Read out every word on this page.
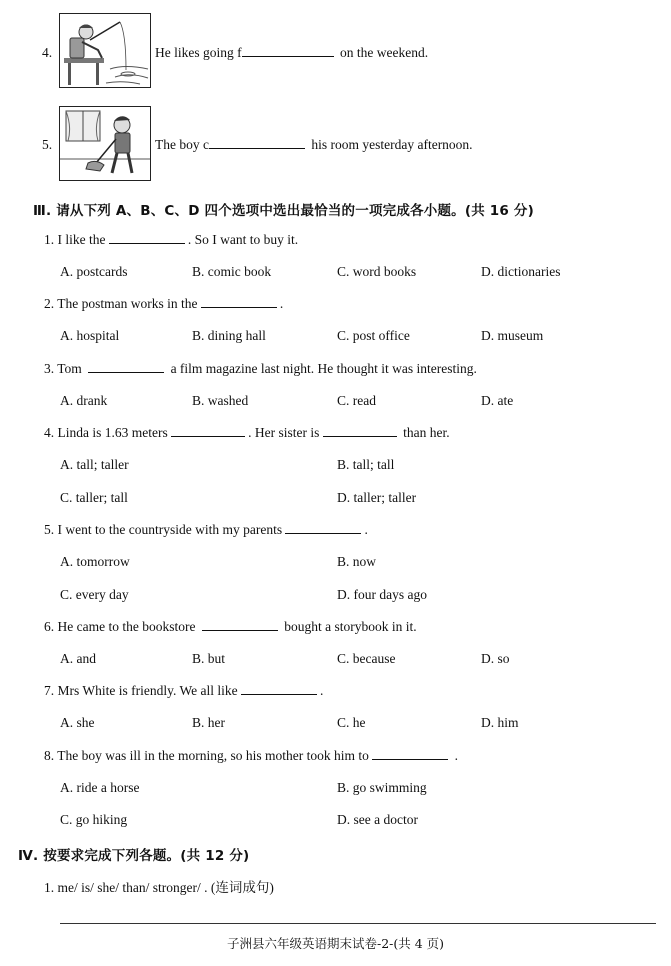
4.	He likes going f	on the weekend.
5.	The boy c	his room yesterday afternoon.
Ⅲ. 请从下列 A、B、C、D 四个选项中选出最恰当的一项完成各小题。(共 16 分)
1. I like the	. So I want to buy it.
A. postcards	B. comic book	C. word books	D. dictionaries
2. The postman works in the	.
A. hospital	B. dining hall	C. post office	D. museum
3. Tom	a film magazine last night. He thought it was interesting.
A. drank	B. washed	C. read	D. ate
4. Linda is 1.63 meters	. Her sister is	than her.
A. tall; taller	B. tall; tall
C. taller; tall	D. taller; taller
5. I went to the countryside with my parents	.
A. tomorrow	B. now
C. every day	D. four days ago
6. He came to the bookstore	bought a storybook in it.
A. and	B. but	C. because	D. so
7. Mrs White is friendly. We all like	.
A. she	B. her	C. he	D. him
8. The boy was ill in the morning, so his mother took him to	.
A. ride a horse	B. go swimming
C. go hiking	D. see a doctor
Ⅳ. 按要求完成下列各题。(共 12 分)
1. me/ is/ she/ than/ stronger/ . (连词成句)
子洲县六年级英语期末试卷-2-(共 4 页)
